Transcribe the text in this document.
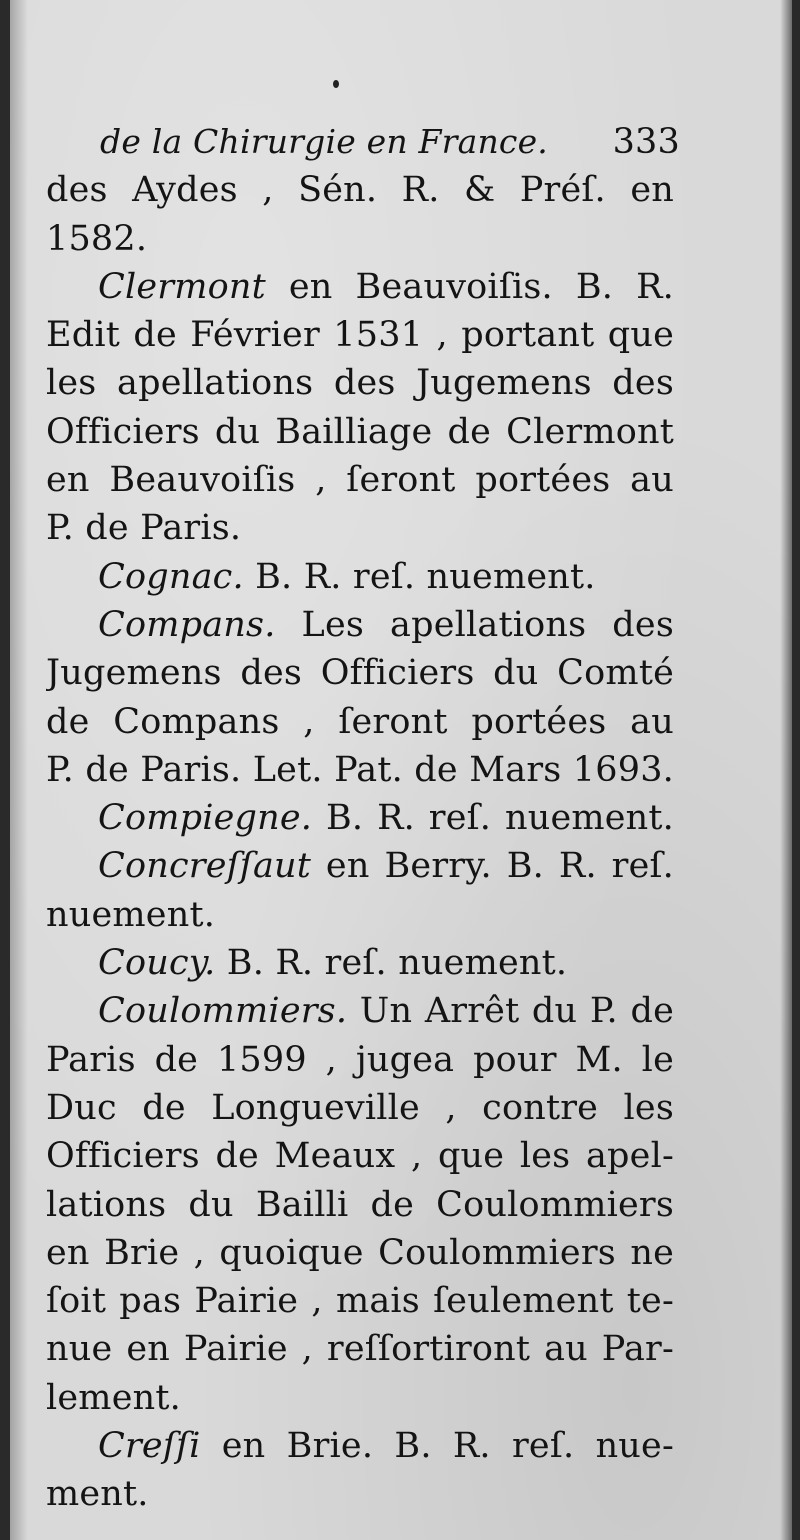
de la Chirurgie en France. 333
des Aydes , Sén. R. & Préſ. en
1582.
Clermont en Beauvoiſis. B. R.
Edit de Février 1531 , portant que
les apellations des Jugemens des
Officiers du Bailliage de Clermont
en Beauvoiſis , ſeront portées au
P. de Paris.
Cognac. B. R. reſ. nuement.
Compans. Les apellations des
Jugemens des Officiers du Comté
de Compans , ſeront portées au
P. de Paris. Let. Pat. de Mars 1693.
Compiegne. B. R. reſ. nuement.
Concreſſaut en Berry. B. R. reſ.
nuement.
Coucy. B. R. reſ. nuement.
Coulommiers. Un Arrêt du P. de
Paris de 1599 , jugea pour M. le
Duc de Longueville , contre les
Officiers de Meaux , que les apel-
lations du Bailli de Coulommiers
en Brie , quoique Coulommiers ne
ſoit pas Pairie , mais ſeulement te-
nue en Pairie , reſſortiront au Par-
lement.
Creſſi en Brie. B. R. reſ. nue-
ment.
